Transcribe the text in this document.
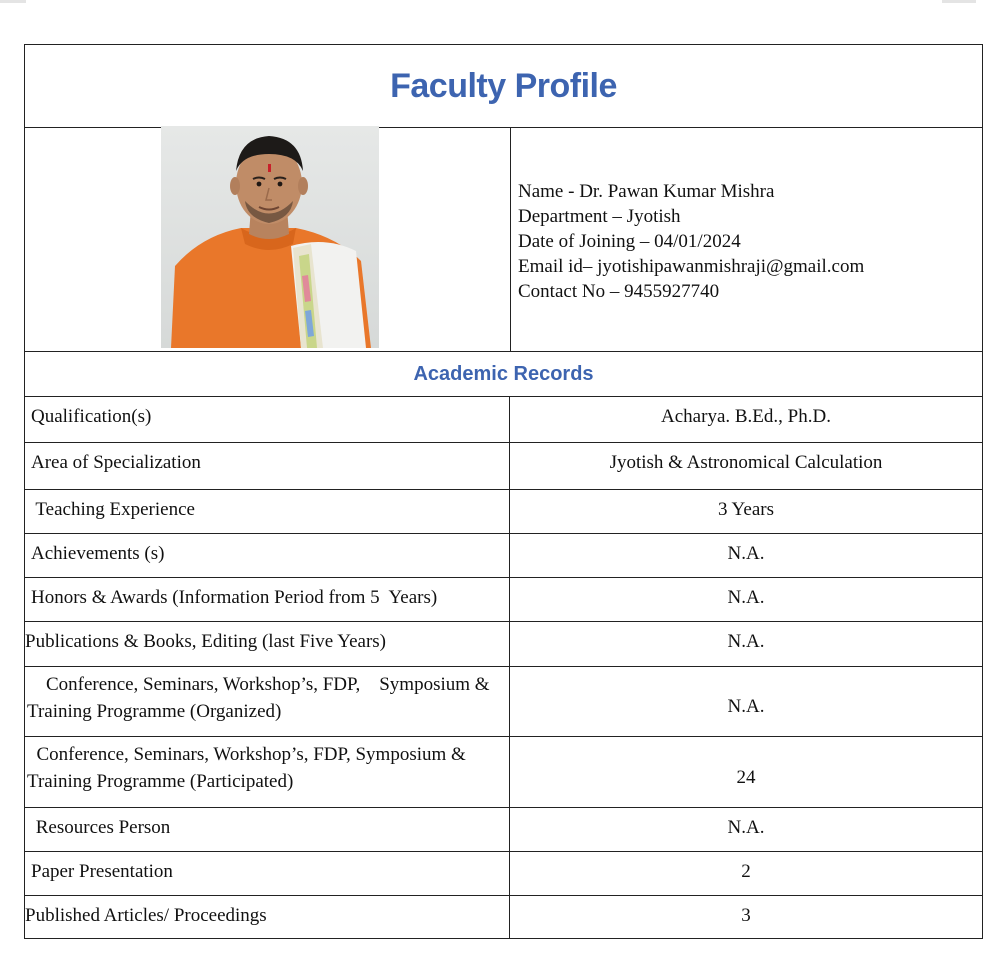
Faculty Profile
Name - Dr. Pawan Kumar Mishra
Department – Jyotish
Date of Joining – 04/01/2024
Email id– jyotishipawanmishraji@gmail.com
Contact No – 9455927740
Academic Records
Qualification(s)	Acharya. B.Ed., Ph.D.
Area of Specialization	Jyotish & Astronomical Calculation
Teaching Experience	3 Years
Achievements (s)	N.A.
Honors & Awards (Information Period from 5  Years)	N.A.
Publications & Books, Editing (last Five Years)	N.A.
Conference, Seminars, Workshop’s, FDP,    Symposium & Training Programme (Organized)	N.A.
Conference, Seminars, Workshop’s, FDP, Symposium & Training Programme (Participated)	24
Resources Person	N.A.
Paper Presentation	2
Published Articles/ Proceedings	3
